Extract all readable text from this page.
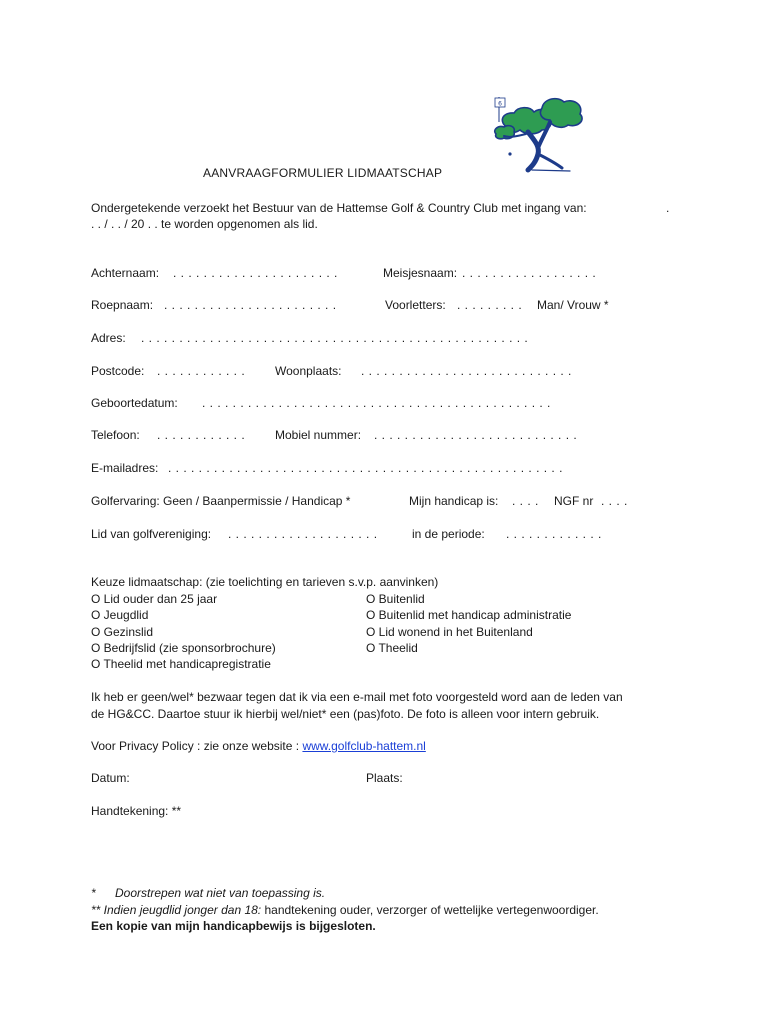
6
AANVRAAGFORMULIER LIDMAATSCHAP
Ondergetekende verzoekt het Bestuur van de Hattemse Golf & Country Club met ingang van:	.
. . / . . / 20 . . te worden opgenomen als lid.
Achternaam: . . . . . . . . . . . . . . . . . . . . . .	Meisjesnaam: . . . . . . . . . . . . . . . . . .
Roepnaam: . . . . . . . . . . . . . . . . . . . . . . .	Voorletters: . . . . . . . . . Man/ Vrouw *
Adres: . . . . . . . . . . . . . . . . . . . . . . . . . . . . . . . . . . . . . . . . . . . . . . . . . . .
Postcode: . . . . . . . . . . . . Woonplaats: . . . . . . . . . . . . . . . . . . . . . . . . . . . .
Geboortedatum: . . . . . . . . . . . . . . . . . . . . . . . . . . . . . . . . . . . . . . . . . . . . . .
Telefoon: . . . . . . . . . . . . Mobiel nummer: . . . . . . . . . . . . . . . . . . . . . . . . . . .
E-mailadres: . . . . . . . . . . . . . . . . . . . . . . . . . . . . . . . . . . . . . . . . . . . . . . . . . . . .
Golfervaring: Geen / Baanpermissie / Handicap *	Mijn handicap is: . . . . NGF nr . . . .
Lid van golfvereniging: . . . . . . . . . . . . . . . . . . . .	in de periode: . . . . . . . . . . . . .
Keuze lidmaatschap: (zie toelichting en tarieven s.v.p. aanvinken)
O Lid ouder dan 25 jaar
O Jeugdlid
O Gezinslid
O Bedrijfslid (zie sponsorbrochure)
O Theelid met handicapregistratie
O Buitenlid
O Buitenlid met handicap administratie
O Lid wonend in het Buitenland
O Theelid
Ik heb er geen/wel* bezwaar tegen dat ik via een e-mail met foto voorgesteld word aan de leden van
de HG&CC. Daartoe stuur ik hierbij wel/niet* een (pas)foto. De foto is alleen voor intern gebruik.
Voor Privacy Policy : zie onze website : www.golfclub-hattem.nl
Datum:	Plaats:
Handtekening: **
* Doorstrepen wat niet van toepassing is.
** Indien jeugdlid jonger dan 18: handtekening ouder, verzorger of wettelijke vertegenwoordiger.
Een kopie van mijn handicapbewijs is bijgesloten.
